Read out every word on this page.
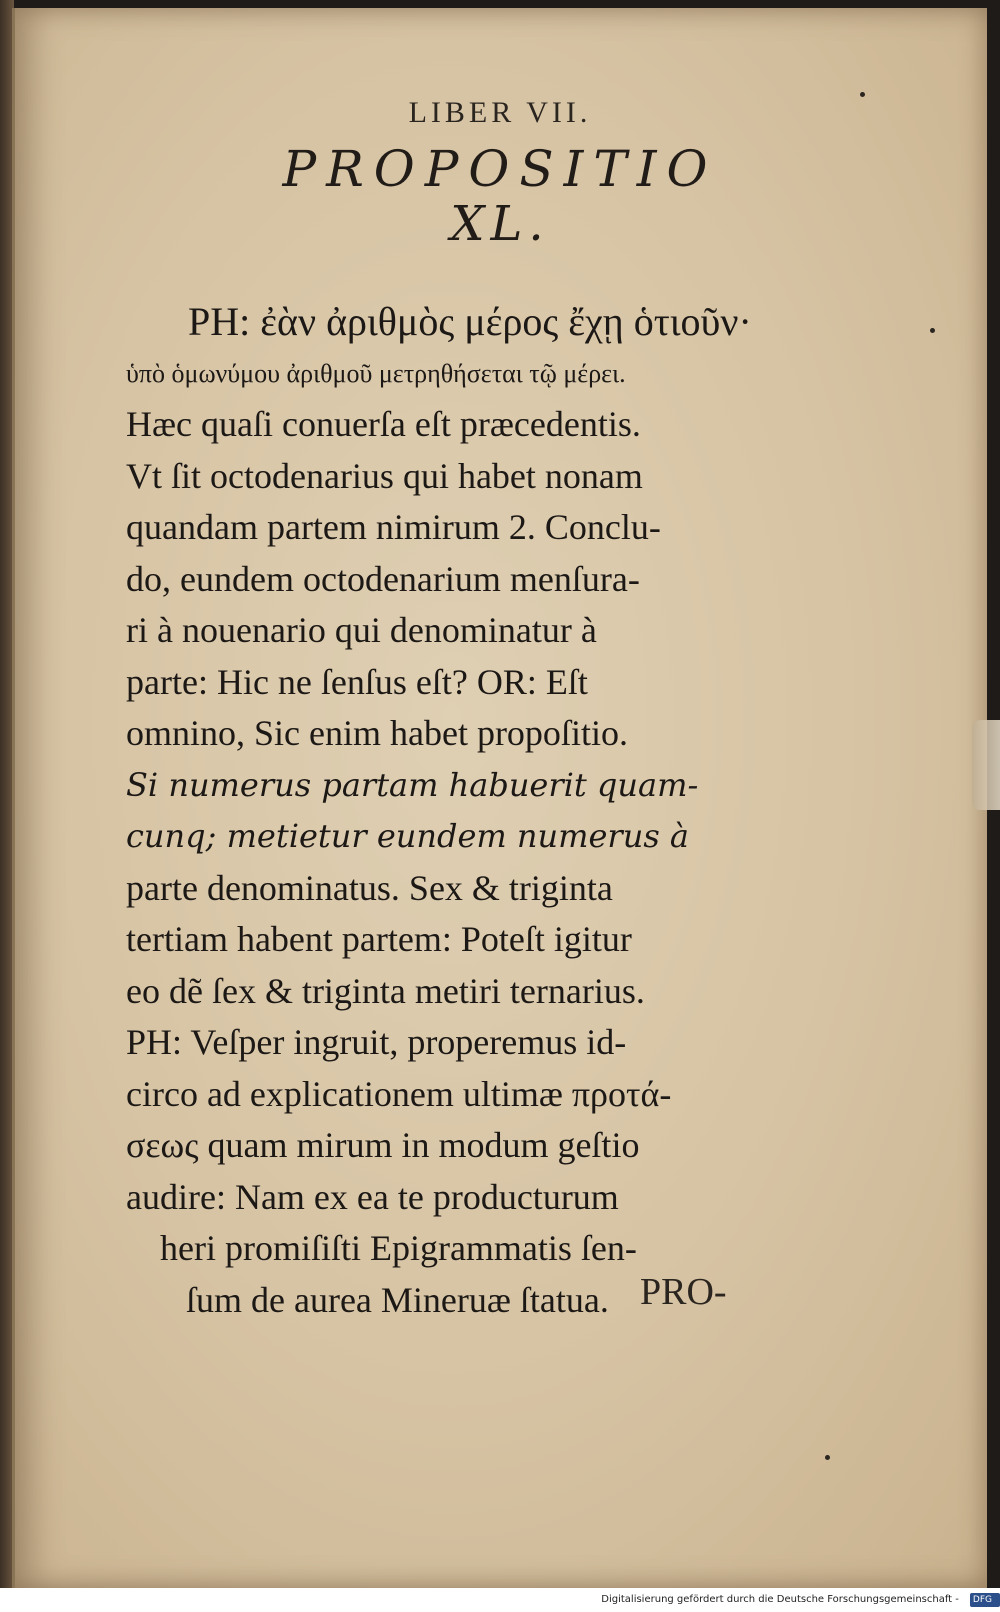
LIBER VII.
PROPOSITIO
XL.
PH: ἐὰν ἀριθμὸς μέρος ἔχῃ ὁτιοῦν·
ὑπὸ ὁμωνύμου ἀριθμοῦ μετρηθήσεται τῷ μέρει.
Hæc quaſi conuerſa eſt præcedentis.
Vt ſit octodenarius qui habet nonam
quandam partem nimirum 2. Conclu-
do, eundem octodenarium menſura-
ri à nouenario qui denominatur à
parte: Hic ne ſenſus eſt? OR: Eſt
omnino, Sic enim habet propoſitio.
Si numerus partam habuerit quam-
cunq; metietur eundem numerus à
parte denominatus. Sex & triginta
tertiam habent partem: Poteſt igitur
eo dẽ ſex & triginta metiri ternarius.
PH: Veſper ingruit, properemus id-
circo ad explicationem ultimæ προτά-
σεως quam mirum in modum geſtio
audire: Nam ex ea te producturum
heri promiſiſti Epigrammatis ſen-
ſum de aurea Mineruæ ſtatua. PRO-
Digitalisierung gefördert durch die Deutsche Forschungsgemeinschaft - DFG
